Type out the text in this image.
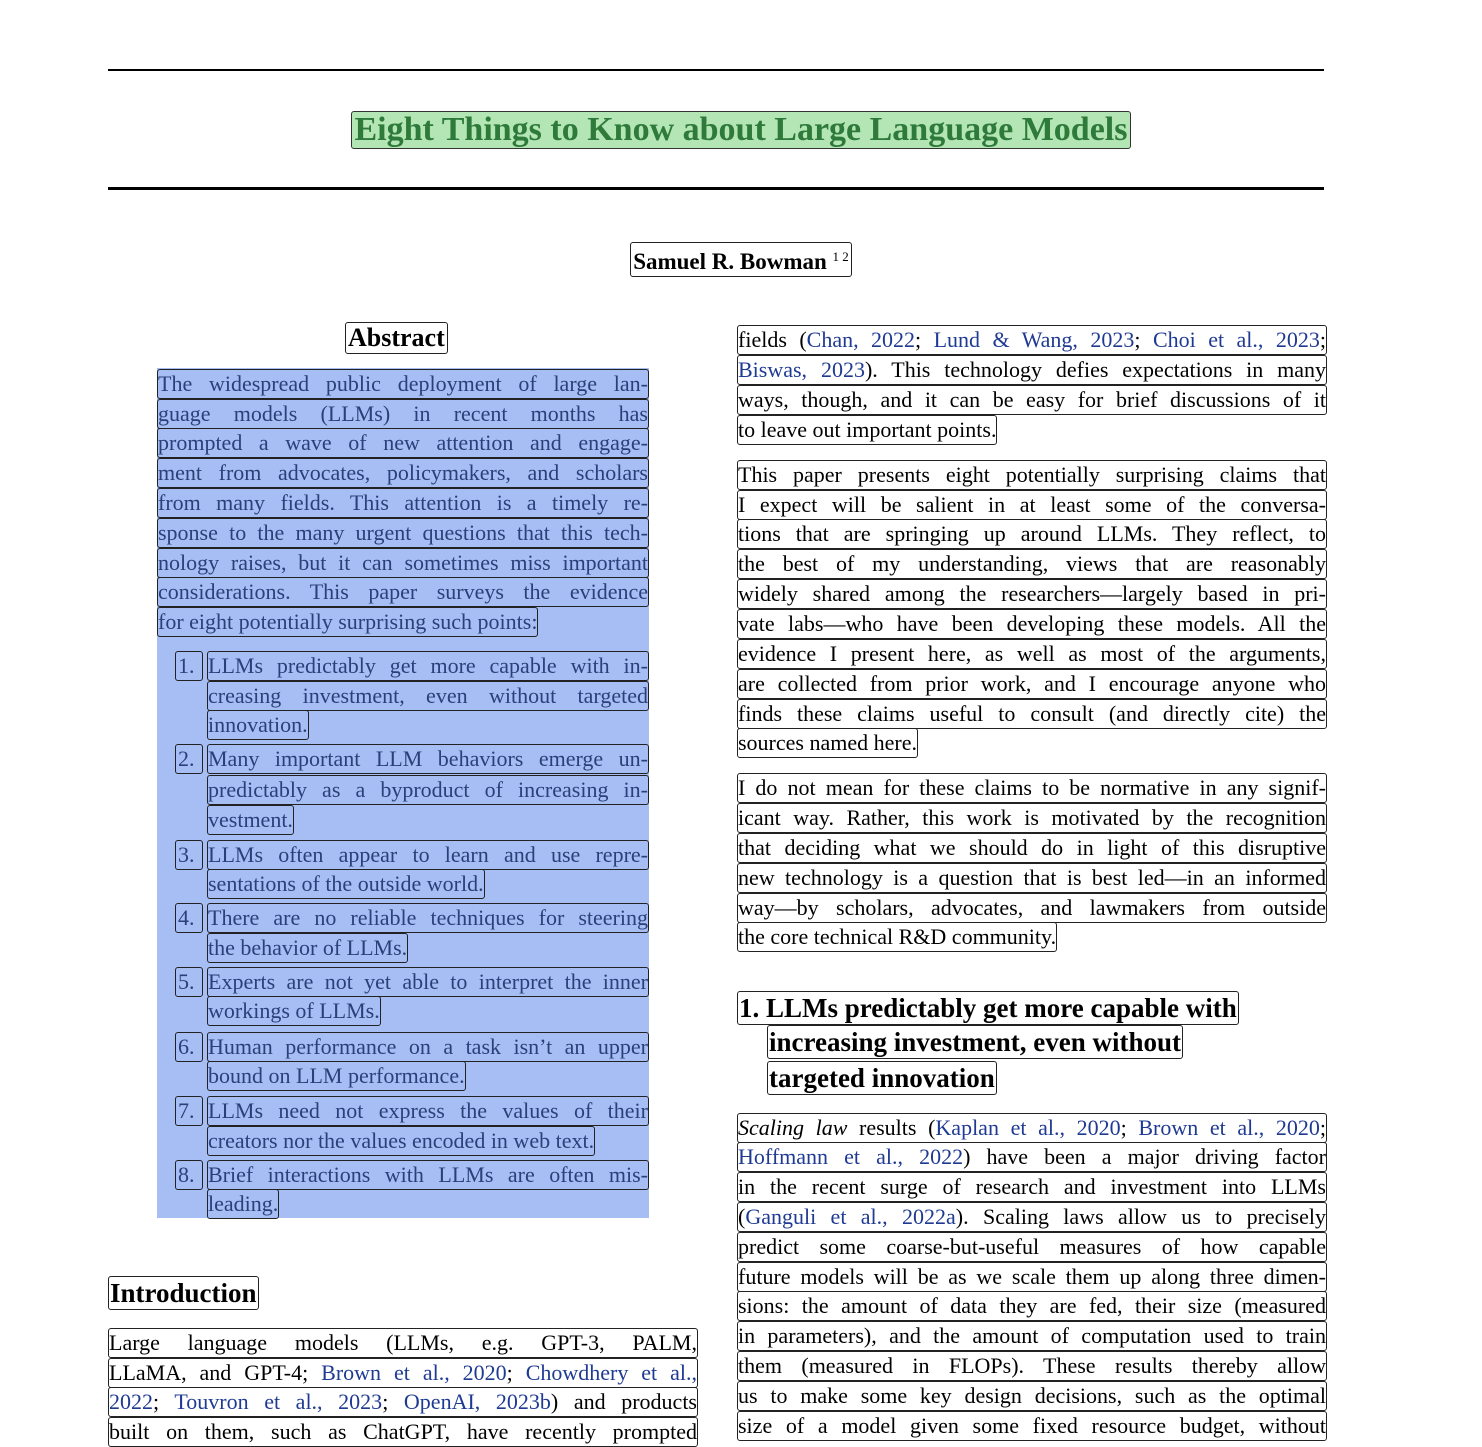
Eight Things to Know about Large Language Models
Samuel R. Bowman $^{1 2}$
Abstract
The widespread public deployment of large lan-
guage models (LLMs) in recent months has
prompted a wave of new attention and engage-
ment from advocates, policymakers, and scholars
from many fields. This attention is a timely re-
sponse to the many urgent questions that this tech-
nology raises, but it can sometimes miss important
considerations. This paper surveys the evidence
for eight potentially surprising such points:
1. LLMs predictably get more capable with in-
creasing investment, even without targeted
innovation.
2. Many important LLM behaviors emerge un-
predictably as a byproduct of increasing in-
vestment.
3. LLMs often appear to learn and use repre-
sentations of the outside world.
4. There are no reliable techniques for steering
the behavior of LLMs.
5. Experts are not yet able to interpret the inner
workings of LLMs.
6. Human performance on a task isn’t an upper
bound on LLM performance.
7. LLMs need not express the values of their
creators nor the values encoded in web text.
8. Brief interactions with LLMs are often mis-
leading.
Introduction
Large language models (LLMs, e.g. GPT-3, PALM,
LLaMA, and GPT-4; Brown et al., 2020; Chowdhery et al.,
2022; Touvron et al., 2023; OpenAI, 2023b) and products
built on them, such as ChatGPT, have recently prompted
fields (Chan, 2022; Lund & Wang, 2023; Choi et al., 2023;
Biswas, 2023). This technology defies expectations in many
ways, though, and it can be easy for brief discussions of it
to leave out important points.
This paper presents eight potentially surprising claims that
I expect will be salient in at least some of the conversa-
tions that are springing up around LLMs. They reflect, to
the best of my understanding, views that are reasonably
widely shared among the researchers—largely based in pri-
vate labs—who have been developing these models. All the
evidence I present here, as well as most of the arguments,
are collected from prior work, and I encourage anyone who
finds these claims useful to consult (and directly cite) the
sources named here.
I do not mean for these claims to be normative in any signif-
icant way. Rather, this work is motivated by the recognition
that deciding what we should do in light of this disruptive
new technology is a question that is best led—in an informed
way—by scholars, advocates, and lawmakers from outside
the core technical R&D community.
1. LLMs predictably get more capable with
increasing investment, even without
targeted innovation
Scaling law results (Kaplan et al., 2020; Brown et al., 2020;
Hoffmann et al., 2022) have been a major driving factor
in the recent surge of research and investment into LLMs
(Ganguli et al., 2022a). Scaling laws allow us to precisely
predict some coarse-but-useful measures of how capable
future models will be as we scale them up along three dimen-
sions: the amount of data they are fed, their size (measured
in parameters), and the amount of computation used to train
them (measured in FLOPs). These results thereby allow
us to make some key design decisions, such as the optimal
size of a model given some fixed resource budget, without
